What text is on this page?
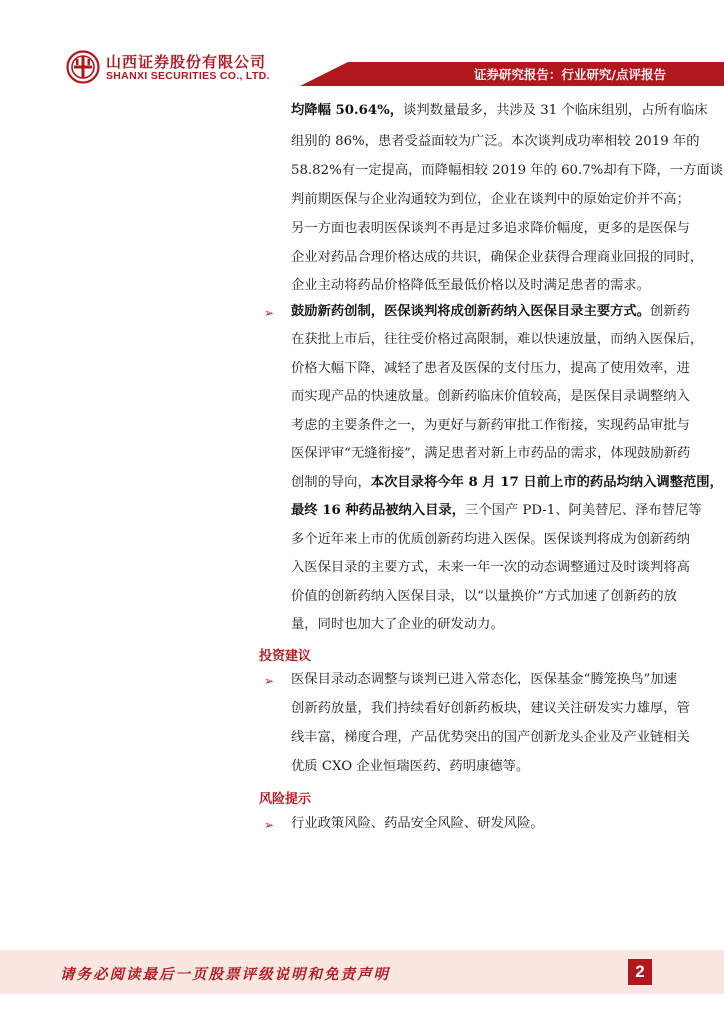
山西证券股份有限公司
SHANXI SECURITIES CO., LTD.	证券研究报告：行业研究/点评报告
均降幅 50.64%，谈判数量最多，共涉及 31 个临床组别，占所有临床
组别的 86%，患者受益面较为广泛。本次谈判成功率相较 2019 年的
58.82%有一定提高，而降幅相较 2019 年的 60.7%却有下降，一方面谈
判前期医保与企业沟通较为到位，企业在谈判中的原始定价并不高；
另一方面也表明医保谈判不再是过多追求降价幅度，更多的是医保与
企业对药品合理价格达成的共识，确保企业获得合理商业回报的同时，
企业主动将药品价格降低至最低价格以及时满足患者的需求。
➢ 鼓励新药创制，医保谈判将成创新药纳入医保目录主要方式。创新药
在获批上市后，往往受价格过高限制，难以快速放量，而纳入医保后，
价格大幅下降，减轻了患者及医保的支付压力，提高了使用效率，进
而实现产品的快速放量。创新药临床价值较高，是医保目录调整纳入
考虑的主要条件之一，为更好与新药审批工作衔接，实现药品审批与
医保评审“无缝衔接”，满足患者对新上市药品的需求，体现鼓励新药
创制的导向，本次目录将今年 8 月 17 日前上市的药品均纳入调整范围，
最终 16 种药品被纳入目录，三个国产 PD-1、阿美替尼、泽布替尼等
多个近年来上市的优质创新药均进入医保。医保谈判将成为创新药纳
入医保目录的主要方式，未来一年一次的动态调整通过及时谈判将高
价值的创新药纳入医保目录，以“以量换价”方式加速了创新药的放
量，同时也加大了企业的研发动力。
投资建议
➢ 医保目录动态调整与谈判已进入常态化，医保基金“腾笼换鸟”加速
创新药放量，我们持续看好创新药板块，建议关注研发实力雄厚，管
线丰富，梯度合理，产品优势突出的国产创新龙头企业及产业链相关
优质 CXO 企业恒瑞医药、药明康德等。
风险提示
➢ 行业政策风险、药品安全风险、研发风险。
请务必阅读最后一页股票评级说明和免责声明	2
